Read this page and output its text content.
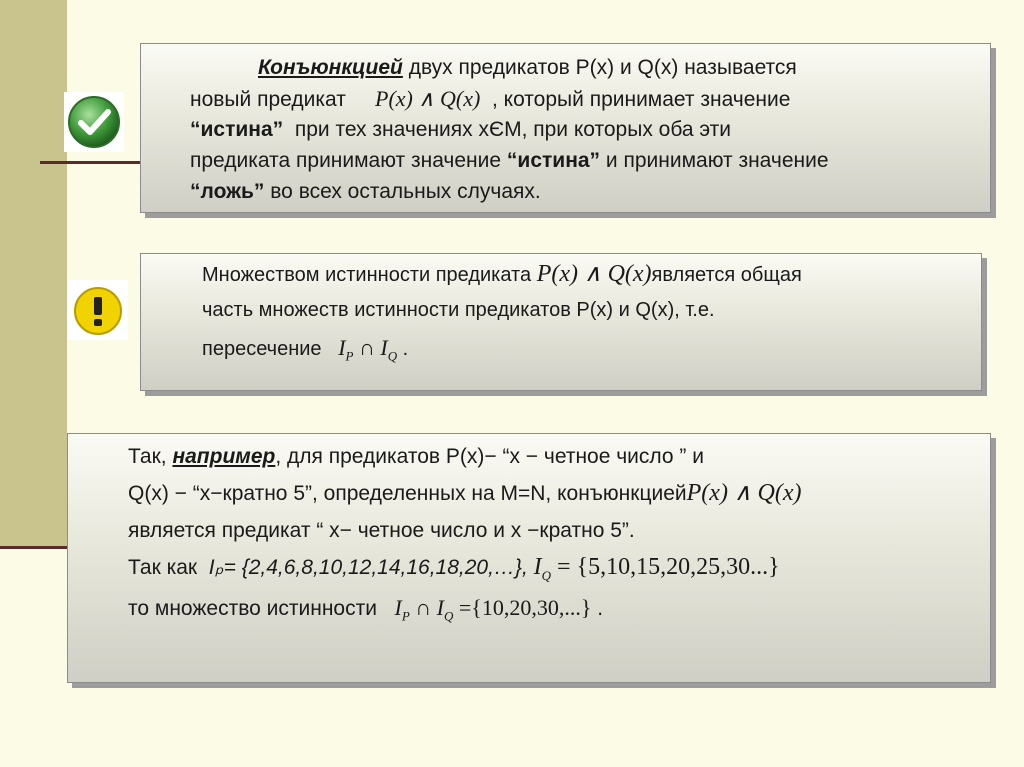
Конъюнкцией двух предикатов P(x) и Q(x) называется
новый предикат P(x) ∧ Q(x) , который принимает значение
“истина” при тех значениях xЄM, при которых оба эти
предиката принимают значение “истина” и принимают значение
“ложь” во всех остальных случаях.
Множеством истинности предиката P(x) ∧ Q(x)является общая
часть множеств истинности предикатов P(x) и Q(x), т.е.
пересечение $I_P$ ∩ $I_Q$ .
Так, например, для предикатов P(x)− “x − четное число ” и
Q(x) − “x−кратно 5”, определенных на M=N, конъюнкциейP(x) ∧ Q(x)
является предикат “ x− четное число и x −кратно 5”.
Так как Iₚ= {2,4,6,8,10,12,14,16,18,20,…}, $I_Q = \{5,10,15,20,25,30...\}$
то множество истинности $I_P$ ∩ $I_Q =\{10,20,30,...\}$ .
